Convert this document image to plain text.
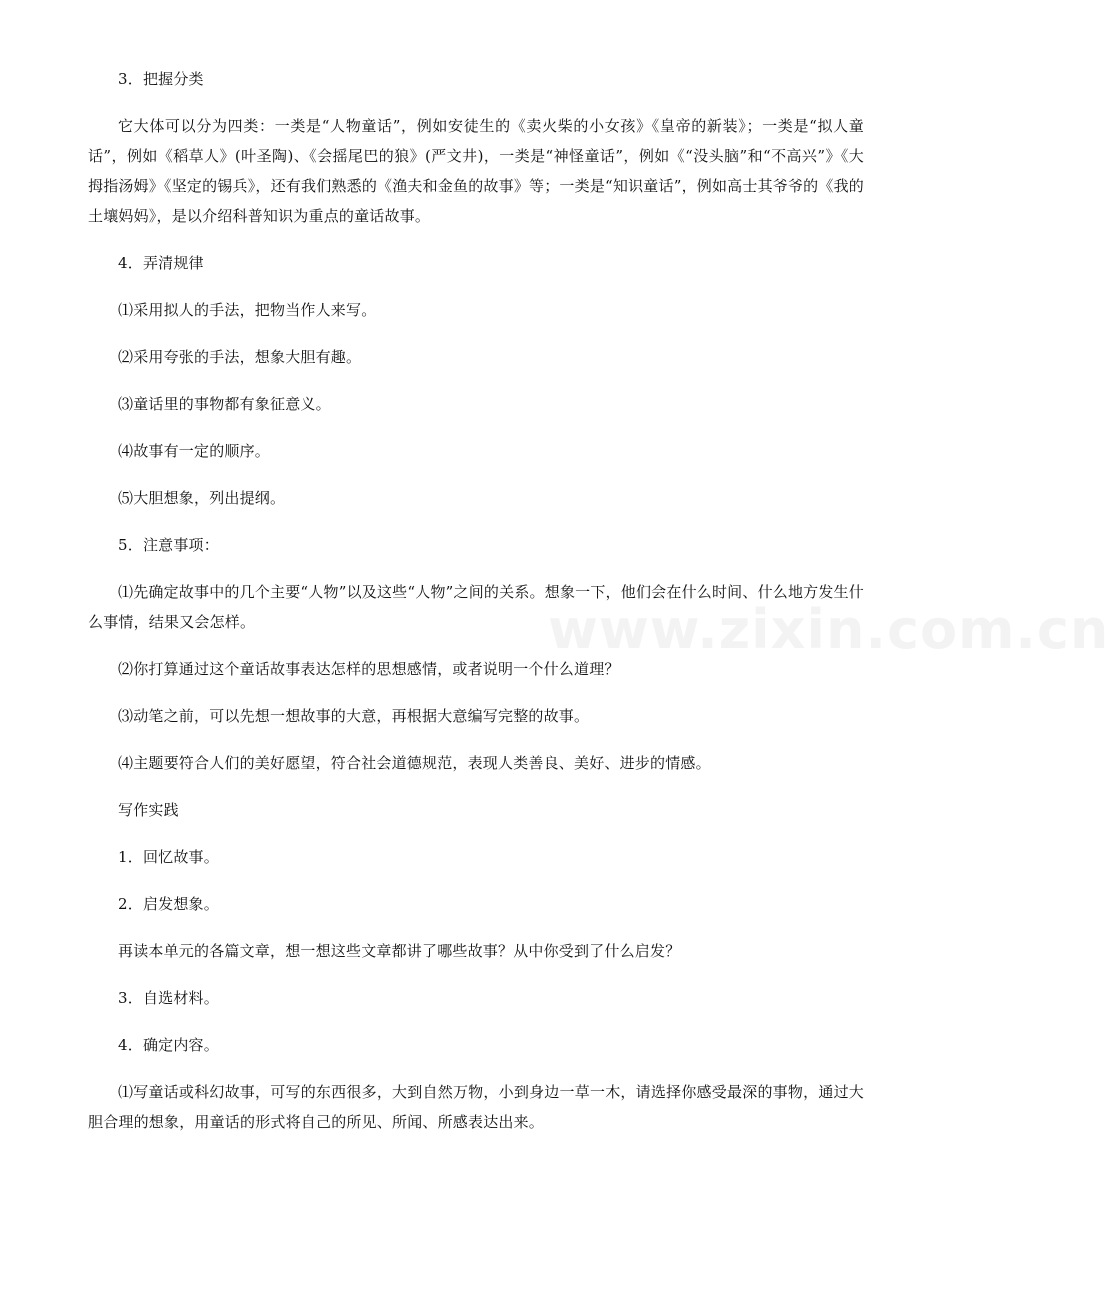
www.zixin.com.cn

3．把握分类

它大体可以分为四类：一类是“人物童话”，例如安徒生的《卖火柴的小女孩》《皇帝的新装》；一类是“拟人童话”，例如《稻草人》(叶圣陶)、《会摇尾巴的狼》(严文井)，一类是“神怪童话”，例如《“没头脑”和“不高兴”》《大拇指汤姆》《坚定的锡兵》，还有我们熟悉的《渔夫和金鱼的故事》等；一类是“知识童话”，例如高士其爷爷的《我的土壤妈妈》，是以介绍科普知识为重点的童话故事。

4．弄清规律

⑴采用拟人的手法，把物当作人来写。

⑵采用夸张的手法，想象大胆有趣。

⑶童话里的事物都有象征意义。

⑷故事有一定的顺序。

⑸大胆想象，列出提纲。

5．注意事项：

⑴先确定故事中的几个主要“人物”以及这些“人物”之间的关系。想象一下，他们会在什么时间、什么地方发生什么事情，结果又会怎样。

⑵你打算通过这个童话故事表达怎样的思想感情，或者说明一个什么道理？

⑶动笔之前，可以先想一想故事的大意，再根据大意编写完整的故事。

⑷主题要符合人们的美好愿望，符合社会道德规范，表现人类善良、美好、进步的情感。

写作实践

1．回忆故事。

2．启发想象。

再读本单元的各篇文章，想一想这些文章都讲了哪些故事？从中你受到了什么启发？

3．自选材料。

4．确定内容。

⑴写童话或科幻故事，可写的东西很多，大到自然万物，小到身边一草一木，请选择你感受最深的事物，通过大胆合理的想象，用童话的形式将自己的所见、所闻、所感表达出来。
